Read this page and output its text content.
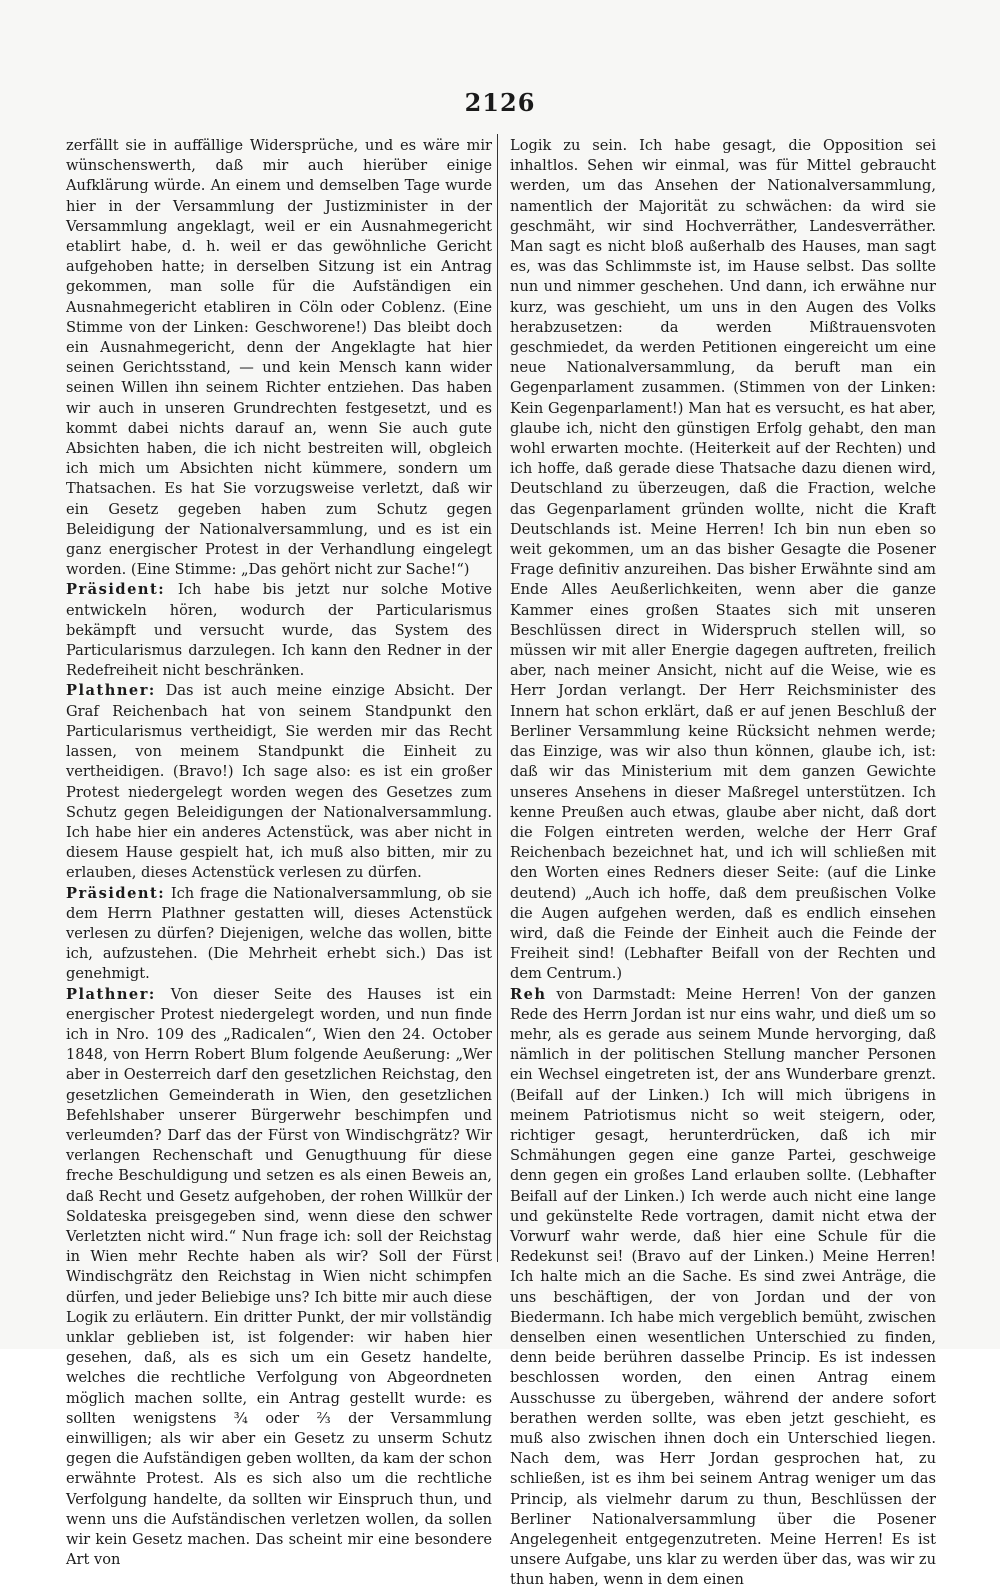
2126

zerfällt sie in auffällige Widersprüche, und es wäre mir wünschenswerth, daß mir auch hierüber einige Aufklärung würde. An einem und demselben Tage wurde hier in der Versammlung der Justizminister in der Versammlung angeklagt, weil er ein Ausnahmegericht etablirt habe, d. h. weil er das gewöhnliche Gericht aufgehoben hatte; in derselben Sitzung ist ein Antrag gekommen, man solle für die Aufständigen ein Ausnahmegericht etabliren in Cöln oder Coblenz. (Eine Stimme von der Linken: Geschworene!) Das bleibt doch ein Ausnahmegericht, denn der Angeklagte hat hier seinen Gerichtsstand, — und kein Mensch kann wider seinen Willen ihn seinem Richter entziehen. Das haben wir auch in unseren Grundrechten festgesetzt, und es kommt dabei nichts darauf an, wenn Sie auch gute Absichten haben, die ich nicht bestreiten will, obgleich ich mich um Absichten nicht kümmere, sondern um Thatsachen. Es hat Sie vorzugsweise verletzt, daß wir ein Gesetz gegeben haben zum Schutz gegen Beleidigung der Nationalversammlung, und es ist ein ganz energischer Protest in der Verhandlung eingelegt worden. (Eine Stimme: „Das gehört nicht zur Sache!“)

Präsident: Ich habe bis jetzt nur solche Motive entwickeln hören, wodurch der Particularismus bekämpft und versucht wurde, das System des Particularismus darzulegen. Ich kann den Redner in der Redefreiheit nicht beschränken.

Plathner: Das ist auch meine einzige Absicht. Der Graf Reichenbach hat von seinem Standpunkt den Particularismus vertheidigt, Sie werden mir das Recht lassen, von meinem Standpunkt die Einheit zu vertheidigen. (Bravo!) Ich sage also: es ist ein großer Protest niedergelegt worden wegen des Gesetzes zum Schutz gegen Beleidigungen der Nationalversammlung. Ich habe hier ein anderes Actenstück, was aber nicht in diesem Hause gespielt hat, ich muß also bitten, mir zu erlauben, dieses Actenstück verlesen zu dürfen.

Präsident: Ich frage die Nationalversammlung, ob sie dem Herrn Plathner gestatten will, dieses Actenstück verlesen zu dürfen? Diejenigen, welche das wollen, bitte ich, aufzustehen. (Die Mehrheit erhebt sich.) Das ist genehmigt.

Plathner: Von dieser Seite des Hauses ist ein energischer Protest niedergelegt worden, und nun finde ich in Nro. 109 des „Radicalen“, Wien den 24. October 1848, von Herrn Robert Blum folgende Aeußerung: „Wer aber in Oesterreich darf den gesetzlichen Reichstag, den gesetzlichen Gemeinderath in Wien, den gesetzlichen Befehlshaber unserer Bürgerwehr beschimpfen und verleumden? Darf das der Fürst von Windischgrätz? Wir verlangen Rechenschaft und Genugthuung für diese freche Beschuldigung und setzen es als einen Beweis an, daß Recht und Gesetz aufgehoben, der rohen Willkür der Soldateska preisgegeben sind, wenn diese den schwer Verletzten nicht wird.“ Nun frage ich: soll der Reichstag in Wien mehr Rechte haben als wir? Soll der Fürst Windischgrätz den Reichstag in Wien nicht schimpfen dürfen, und jeder Beliebige uns? Ich bitte mir auch diese Logik zu erläutern. Ein dritter Punkt, der mir vollständig unklar geblieben ist, ist folgender: wir haben hier gesehen, daß, als es sich um ein Gesetz handelte, welches die rechtliche Verfolgung von Abgeordneten möglich machen sollte, ein Antrag gestellt wurde: es sollten wenigstens ¾ oder ⅔ der Versammlung einwilligen; als wir aber ein Gesetz zu unserm Schutz gegen die Aufständigen geben wollten, da kam der schon erwähnte Protest. Als es sich also um die rechtliche Verfolgung handelte, da sollten wir Einspruch thun, und wenn uns die Aufständischen verletzen wollen, da sollen wir kein Gesetz machen. Das scheint mir eine besondere Art von

Logik zu sein. Ich habe gesagt, die Opposition sei inhaltlos. Sehen wir einmal, was für Mittel gebraucht werden, um das Ansehen der Nationalversammlung, namentlich der Majorität zu schwächen: da wird sie geschmäht, wir sind Hochverräther, Landesverräther. Man sagt es nicht bloß außerhalb des Hauses, man sagt es, was das Schlimmste ist, im Hause selbst. Das sollte nun und nimmer geschehen. Und dann, ich erwähne nur kurz, was geschieht, um uns in den Augen des Volks herabzusetzen: da werden Mißtrauensvoten geschmiedet, da werden Petitionen eingereicht um eine neue Nationalversammlung, da beruft man ein Gegenparlament zusammen. (Stimmen von der Linken: Kein Gegenparlament!) Man hat es versucht, es hat aber, glaube ich, nicht den günstigen Erfolg gehabt, den man wohl erwarten mochte. (Heiterkeit auf der Rechten) und ich hoffe, daß gerade diese Thatsache dazu dienen wird, Deutschland zu überzeugen, daß die Fraction, welche das Gegenparlament gründen wollte, nicht die Kraft Deutschlands ist. Meine Herren! Ich bin nun eben so weit gekommen, um an das bisher Gesagte die Posener Frage definitiv anzureihen. Das bisher Erwähnte sind am Ende Alles Aeußerlichkeiten, wenn aber die ganze Kammer eines großen Staates sich mit unseren Beschlüssen direct in Widerspruch stellen will, so müssen wir mit aller Energie dagegen auftreten, freilich aber, nach meiner Ansicht, nicht auf die Weise, wie es Herr Jordan verlangt. Der Herr Reichsminister des Innern hat schon erklärt, daß er auf jenen Beschluß der Berliner Versammlung keine Rücksicht nehmen werde; das Einzige, was wir also thun können, glaube ich, ist: daß wir das Ministerium mit dem ganzen Gewichte unseres Ansehens in dieser Maßregel unterstützen. Ich kenne Preußen auch etwas, glaube aber nicht, daß dort die Folgen eintreten werden, welche der Herr Graf Reichenbach bezeichnet hat, und ich will schließen mit den Worten eines Redners dieser Seite: (auf die Linke deutend) „Auch ich hoffe, daß dem preußischen Volke die Augen aufgehen werden, daß es endlich einsehen wird, daß die Feinde der Einheit auch die Feinde der Freiheit sind! (Lebhafter Beifall von der Rechten und dem Centrum.)

Reh von Darmstadt: Meine Herren! Von der ganzen Rede des Herrn Jordan ist nur eins wahr, und dieß um so mehr, als es gerade aus seinem Munde hervorging, daß nämlich in der politischen Stellung mancher Personen ein Wechsel eingetreten ist, der ans Wunderbare grenzt. (Beifall auf der Linken.) Ich will mich übrigens in meinem Patriotismus nicht so weit steigern, oder, richtiger gesagt, herunterdrücken, daß ich mir Schmähungen gegen eine ganze Partei, geschweige denn gegen ein großes Land erlauben sollte. (Lebhafter Beifall auf der Linken.) Ich werde auch nicht eine lange und gekünstelte Rede vortragen, damit nicht etwa der Vorwurf wahr werde, daß hier eine Schule für die Redekunst sei! (Bravo auf der Linken.) Meine Herren! Ich halte mich an die Sache. Es sind zwei Anträge, die uns beschäftigen, der von Jordan und der von Biedermann. Ich habe mich vergeblich bemüht, zwischen denselben einen wesentlichen Unterschied zu finden, denn beide berühren dasselbe Princip. Es ist indessen beschlossen worden, den einen Antrag einem Ausschusse zu übergeben, während der andere sofort berathen werden sollte, was eben jetzt geschieht, es muß also zwischen ihnen doch ein Unterschied liegen. Nach dem, was Herr Jordan gesprochen hat, zu schließen, ist es ihm bei seinem Antrag weniger um das Princip, als vielmehr darum zu thun, Beschlüssen der Berliner Nationalversammlung über die Posener Angelegenheit entgegenzutreten. Meine Herren! Es ist unsere Aufgabe, uns klar zu werden über das, was wir zu thun haben, wenn in dem einen
